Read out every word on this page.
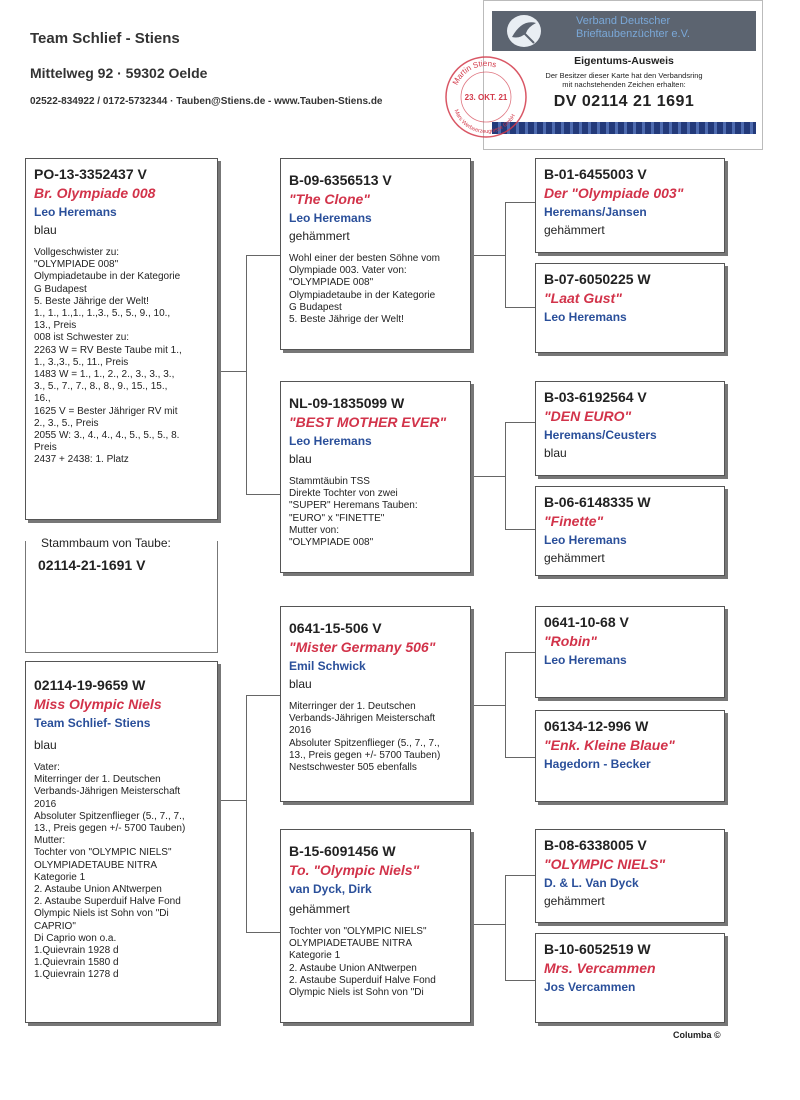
Team Schlief - Stiens
Mittelweg 92 · 59302 Oelde
02522-834922 / 0172-5732344 · Tauben@Stiens.de - www.Tauben-Stiens.de
Verband Deutscher
Brieftaubenzüchter e.V.
Eigentums-Ausweis
Der Besitzer dieser Karte hat den Verbandsring
mit nachstehenden Zeichen erhalten:
DV 02114 21 1691
Martin Stiens
23. OKT. 21
Mars Werbeerzeugnisse GmbH
Stammbaum von Taube:
02114-21-1691 V
PO-13-3352437 V
Br. Olympiade 008
Leo Heremans
blau
Vollgeschwister zu:
"OLYMPIADE 008"
Olympiadetaube in der Kategorie
G Budapest
5. Beste Jährige der Welt!
1., 1., 1.,1., 1.,3., 5., 5., 9., 10.,
13., Preis
008 ist Schwester zu:
2263 W = RV Beste Taube mit 1.,
1., 3.,3., 5., 11., Preis
1483 W = 1., 1., 2., 2., 3., 3., 3.,
3., 5., 7., 7., 8., 8., 9., 15., 15.,
16.,
1625 V = Bester Jähriger RV mit
2., 3., 5., Preis
2055 W: 3., 4., 4., 4., 5., 5., 5., 8.
Preis
2437 + 2438: 1. Platz
02114-19-9659 W
Miss Olympic Niels
Team Schlief- Stiens
blau
Vater:
Miterringer der 1. Deutschen
Verbands-Jährigen Meisterschaft
2016
Absoluter Spitzenflieger (5., 7., 7.,
13., Preis gegen +/- 5700 Tauben)
Mutter:
Tochter von "OLYMPIC NIELS"
OLYMPIADETAUBE NITRA
Kategorie 1
2. Astaube Union ANtwerpen
2. Astaube Superduif Halve Fond
Olympic Niels ist Sohn von "Di
CAPRIO"
Di Caprio won o.a.
1.Quievrain 1928 d
1.Quievrain 1580 d
1.Quievrain 1278 d
B-09-6356513 V
"The Clone"
Leo Heremans
gehämmert
Wohl einer der besten Söhne vom
Olympiade 003. Vater von:
"OLYMPIADE 008"
Olympiadetaube in der Kategorie
G Budapest
5. Beste Jährige der Welt!
NL-09-1835099 W
"BEST MOTHER EVER"
Leo Heremans
blau
Stammtäubin TSS
Direkte Tochter von zwei
"SUPER" Heremans Tauben:
"EURO" x "FINETTE"
Mutter von:
"OLYMPIADE 008"
0641-15-506 V
"Mister Germany 506"
Emil Schwick
blau
Miterringer der 1. Deutschen
Verbands-Jährigen Meisterschaft
2016
Absoluter Spitzenflieger (5., 7., 7.,
13., Preis gegen +/- 5700 Tauben)
Nestschwester 505 ebenfalls
B-15-6091456 W
To. "Olympic Niels"
van Dyck, Dirk
gehämmert
Tochter von "OLYMPIC NIELS"
OLYMPIADETAUBE NITRA
Kategorie 1
2. Astaube Union ANtwerpen
2. Astaube Superduif Halve Fond
Olympic Niels ist Sohn von "Di
B-01-6455003 V
Der "Olympiade 003"
Heremans/Jansen
gehämmert
B-07-6050225 W
"Laat Gust"
Leo Heremans
B-03-6192564 V
"DEN EURO"
Heremans/Ceusters
blau
B-06-6148335 W
"Finette"
Leo Heremans
gehämmert
0641-10-68 V
"Robin"
Leo Heremans
06134-12-996 W
"Enk. Kleine Blaue"
Hagedorn - Becker
B-08-6338005 V
"OLYMPIC NIELS"
D. & L. Van Dyck
gehämmert
B-10-6052519 W
Mrs. Vercammen
Jos Vercammen
Columba ©
